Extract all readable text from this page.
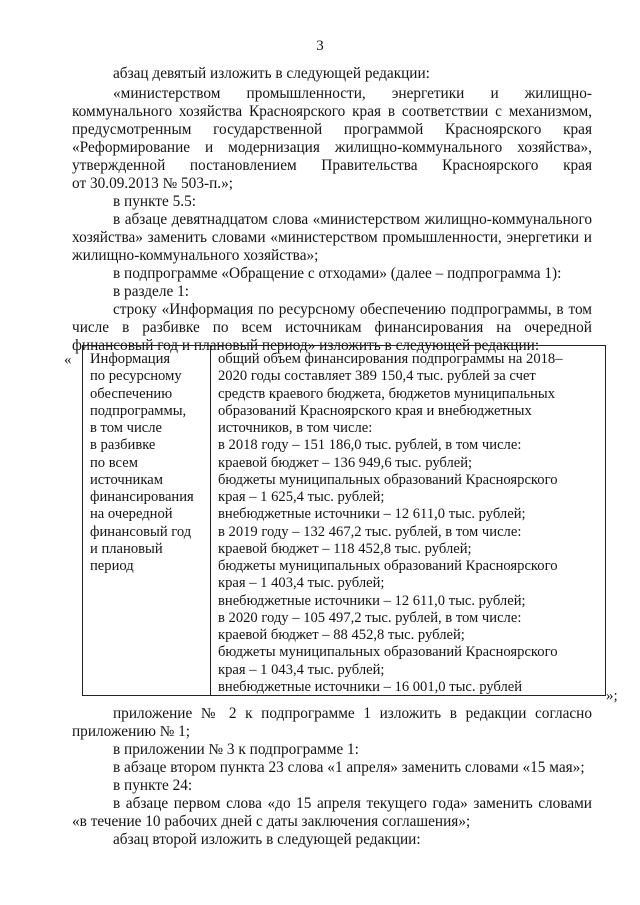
3
абзац девятый изложить в следующей редакции:
«министерством промышленности, энергетики и жилищно-
коммунального хозяйства Красноярского края в соответствии с механизмом,
предусмотренным государственной программой Красноярского края
«Реформирование и модернизация жилищно-коммунального хозяйства»,
утвержденной постановлением Правительства Красноярского края
от 30.09.2013 № 503-п.»;
в пункте 5.5:
в абзаце девятнадцатом слова «министерством жилищно-коммунального
хозяйства» заменить словами «министерством промышленности, энергетики и
жилищно-коммунального хозяйства»;
в подпрограмме «Обращение с отходами» (далее – подпрограмма 1):
в разделе 1:
строку «Информация по ресурсному обеспечению подпрограммы, в том
числе в разбивке по всем источникам финансирования на очередной
финансовый год и плановый период» изложить в следующей редакции:
« Информация
по ресурсному
обеспечению
подпрограммы,
в том числе
в разбивке
по всем
источникам
финансирования
на очередной
финансовый год
и плановый
период
общий объем финансирования подпрограммы на 2018–
2020 годы составляет 389 150,4 тыс. рублей за счет
средств краевого бюджета, бюджетов муниципальных
образований Красноярского края и внебюджетных
источников, в том числе:
в 2018 году – 151 186,0 тыс. рублей, в том числе:
краевой бюджет – 136 949,6 тыс. рублей;
бюджеты муниципальных образований Красноярского
края – 1 625,4 тыс. рублей;
внебюджетные источники – 12 611,0 тыс. рублей;
в 2019 году – 132 467,2 тыс. рублей, в том числе:
краевой бюджет – 118 452,8 тыс. рублей;
бюджеты муниципальных образований Красноярского
края – 1 403,4 тыс. рублей;
внебюджетные источники – 12 611,0 тыс. рублей;
в 2020 году – 105 497,2 тыс. рублей, в том числе:
краевой бюджет – 88 452,8 тыс. рублей;
бюджеты муниципальных образований Красноярского
края – 1 043,4 тыс. рублей;
внебюджетные источники – 16 001,0 тыс. рублей
»;
приложение № 2 к подпрограмме 1 изложить в редакции согласно
приложению № 1;
в приложении № 3 к подпрограмме 1:
в абзаце втором пункта 23 слова «1 апреля» заменить словами «15 мая»;
в пункте 24:
в абзаце первом слова «до 15 апреля текущего года» заменить словами
«в течение 10 рабочих дней с даты заключения соглашения»;
абзац второй изложить в следующей редакции:
